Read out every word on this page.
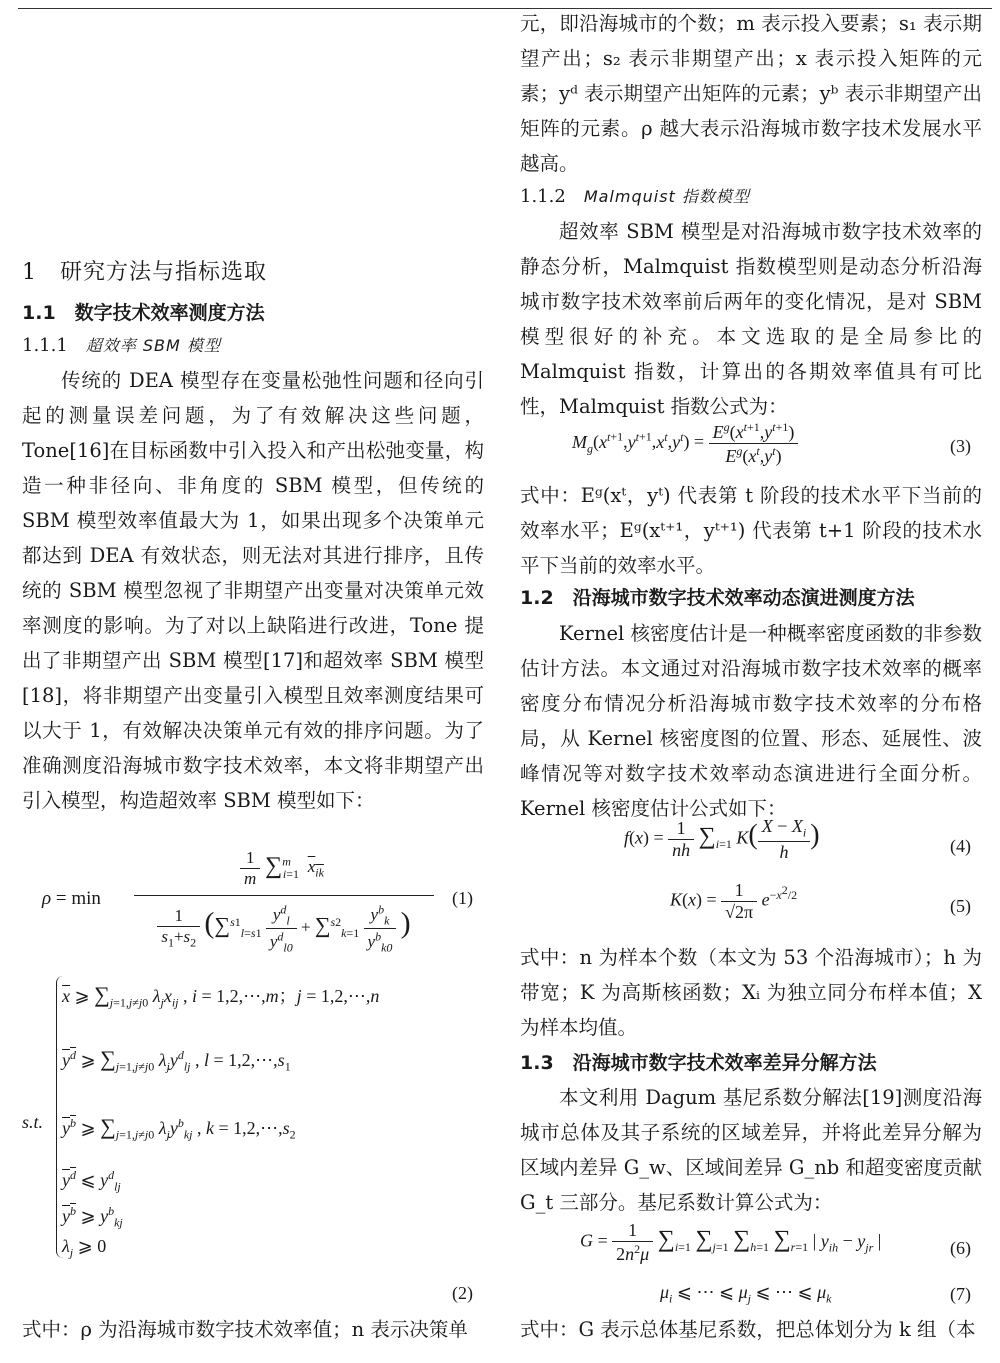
1　研究方法与指标选取
1.1　数字技术效率测度方法
1.1.1 超效率 SBM 模型

传统的 DEA 模型存在变量松弛性问题和径向引起的测量误差问题，为了有效解决这些问题，Tone[16]在目标函数中引入投入和产出松弛变量，构造一种非径向、非角度的 SBM 模型，但传统的 SBM 模型效率值最大为 1，如果出现多个决策单元都达到 DEA 有效状态，则无法对其进行排序，且传统的 SBM 模型忽视了非期望产出变量对决策单元效率测度的影响。为了对以上缺陷进行改进，Tone 提出了非期望产出 SBM 模型[17]和超效率 SBM 模型[18]，将非期望产出变量引入模型且效率测度结果可以大于 1，有效解决决策单元有效的排序问题。为了准确测度沿海城市数字技术效率，本文将非期望产出引入模型，构造超效率 SBM 模型如下：

ρ = min
$\frac{1}{m} \sum^m_{i=1}$ $x_{ik}$
$\frac{1}{s_1+s_2} (\sum^{s1}_{l=s1} \frac{y^d_l}{y^d_{l0}} + \sum^{s2}_{k=1} \frac{y^b_k}{y^b_{k0}}$ )
(1)
s.t.
$\overline{x}$ ⩾ $\sum_{j=1,j\ne j0}$ $\lambda_jx_{ij}$ , i = 1,2,⋯,m；j = 1,2,⋯,n
$y^d$ ⩾ $\sum_{j=1,j\ne j0}$ $\lambda_jy^d_{lj}$ , $l = 1,2,\cdots,s_1$
$y^b$ ⩾ $\sum_{j=1,j\ne j0}$ $\lambda_jy^b_{kj}$ , $k = 1,2,\cdots,s_2$
$y^d$ ⩽ $y^d_{lj}$
$y^b$ ⩾ $y^b_{kj}$
$\lambda_j$ ⩾ 0
(2)

式中：ρ 为沿海城市数字技术效率值；n 表示决策单

元，即沿海城市的个数；m 表示投入要素；s₁ 表示期望产出；s₂ 表示非期望产出；x 表示投入矩阵的元素；yᵈ 表示期望产出矩阵的元素；yᵇ 表示非期望产出矩阵的元素。ρ 越大表示沿海城市数字技术发展水平越高。

1.1.2 Malmquist 指数模型

超效率 SBM 模型是对沿海城市数字技术效率的静态分析，Malmquist 指数模型则是动态分析沿海城市数字技术效率前后两年的变化情况，是对 SBM 模型很好的补充。本文选取的是全局参比的 Malmquist 指数，计算出的各期效率值具有可比性，Malmquist 指数公式为：

$M_g(x^{t+1},y^{t+1},x^t,y^t) = \frac{E^g(x^{t+1},y^{t+1})}{E^g(x^t,y^t)}$	(3)

式中：Eᵍ(xᵗ，yᵗ) 代表第 t 阶段的技术水平下当前的效率水平；Eᵍ(xᵗ⁺¹，yᵗ⁺¹) 代表第 t+1 阶段的技术水平下当前的效率水平。

1.2　沿海城市数字技术效率动态演进测度方法

Kernel 核密度估计是一种概率密度函数的非参数估计方法。本文通过对沿海城市数字技术效率的概率密度分布情况分析沿海城市数字技术效率的分布格局，从 Kernel 核密度图的位置、形态、延展性、波峰情况等对数字技术效率动态演进进行全面分析。Kernel 核密度估计公式如下：

$f(x) = \frac{1}{nh} \sum_{i=1}$ $K( \frac{X - X_i}{h}$ )	(4)
$K(x) = \frac{1}{√2\pi} e^{-x^2/2}$
(5)

式中：n 为样本个数（本文为 53 个沿海城市）；h 为带宽；K 为高斯核函数；Xᵢ 为独立同分布样本值；X 为样本均值。

1.3　沿海城市数字技术效率差异分解方法

本文利用 Dagum 基尼系数分解法[19]测度沿海城市总体及其子系统的区域差异，并将此差异分解为区域内差异 G_w、区域间差异 G_nb 和超变密度贡献 G_t 三部分。基尼系数计算公式为：

$G = \frac{1}{2n^2\mu} \sum_{i=1}$ $\sum_{j=1}$ $\sum_{h=1}$ $\sum_{r=1}$ | $y_{ih} - y_{jr}$ |	(6)
$\mu_i$ ⩽ ⋯ ⩽ $\mu_j$ ⩽ ⋯ ⩽ $\mu_k$	(7)

式中：G 表示总体基尼系数，把总体划分为 k 组（本
